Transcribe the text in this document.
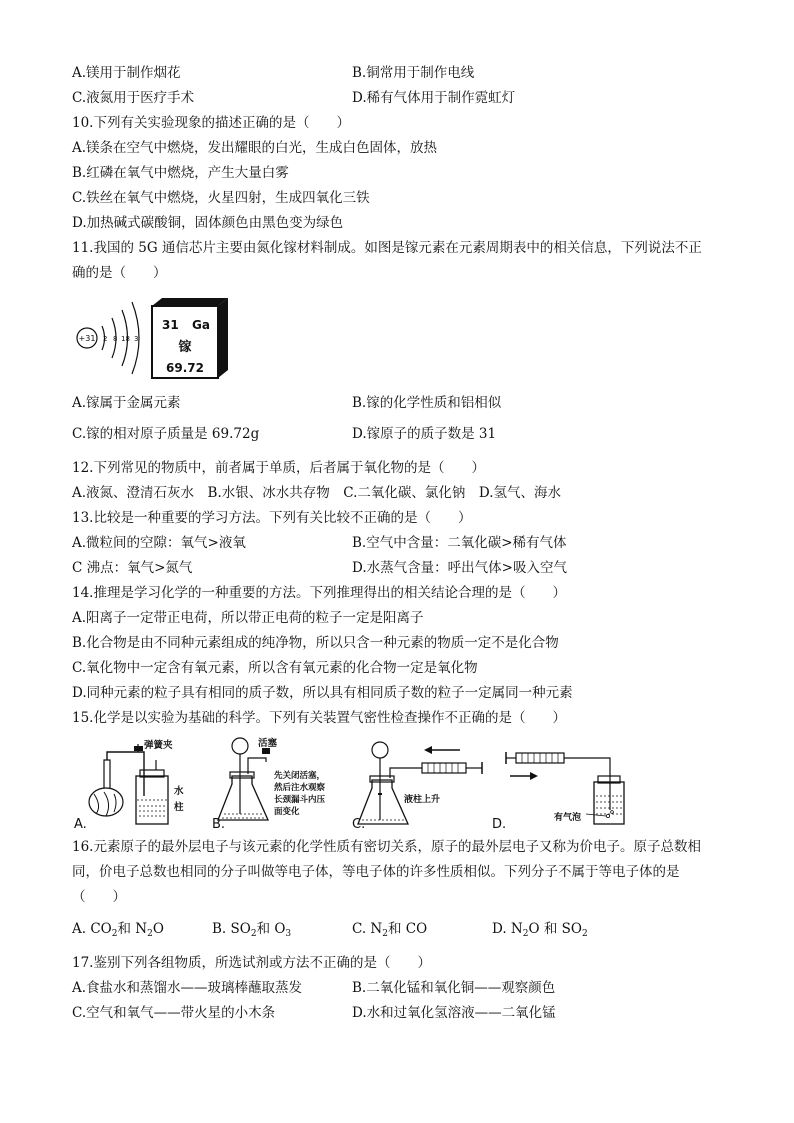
A.镁用于制作烟花	B.铜常用于制作电线
C.液氮用于医疗手术	D.稀有气体用于制作霓虹灯
10.下列有关实验现象的描述正确的是（　　）
A.镁条在空气中燃烧，发出耀眼的白光，生成白色固体，放热
B.红磷在氧气中燃烧，产生大量白雾
C.铁丝在氧气中燃烧，火星四射，生成四氧化三铁
D.加热碱式碳酸铜，固体颜色由黑色变为绿色
11.我国的 5G 通信芯片主要由氮化镓材料制成。如图是镓元素在元素周期表中的相关信息，下列说法不正
确的是（　　）
+31 2 8 18 3
31 Ga
镓
69.72
A.镓属于金属元素	B.镓的化学性质和铝相似
C.镓的相对原子质量是 69.72g	D.镓原子的质子数是 31
12.下列常见的物质中，前者属于单质，后者属于氧化物的是（　　）
A.液氮、澄清石灰水　B.水银、冰水共存物　C.二氧化碳、氯化钠　D.氢气、海水
13.比较是一种重要的学习方法。下列有关比较不正确的是（　　）
A.微粒间的空隙：氧气>液氧	B.空气中含量：二氧化碳>稀有气体
C 沸点：氧气>氮气	D.水蒸气含量：呼出气体>吸入空气
14.推理是学习化学的一种重要的方法。下列推理得出的相关结论合理的是（　　）
A.阳离子一定带正电荷，所以带正电荷的粒子一定是阳离子
B.化合物是由不同种元素组成的纯净物，所以只含一种元素的物质一定不是化合物
C.氧化物中一定含有氧元素，所以含有氧元素的化合物一定是氧化物
D.同种元素的粒子具有相同的质子数，所以具有相同质子数的粒子一定属同一种元素
15.化学是以实验为基础的科学。下列有关装置气密性检查操作不正确的是（　　）
A.
弹簧夹
水
柱
B.
活塞
先关闭活塞，
然后注水观察
长颈漏斗内压
面变化
C.
液柱上升
D.	有气泡
16.元素原子的最外层电子与该元素的化学性质有密切关系，原子的最外层电子又称为价电子。原子总数相
同，价电子总数也相同的分子叫做等电子体，等电子体的许多性质相似。下列分子不属于等电子体的是
（　　）
A. $CO_2$和 $N_2O$	B. $SO_2$和 $O_3$	C. $N_2$和 CO	D. $N_2O$ 和 $SO_2$
17.鉴别下列各组物质，所选试剂或方法不正确的是（　　）
A.食盐水和蒸馏水——玻璃棒蘸取蒸发	B.二氧化锰和氧化铜——观察颜色
C.空气和氧气——带火星的小木条	D.水和过氧化氢溶液——二氧化锰
